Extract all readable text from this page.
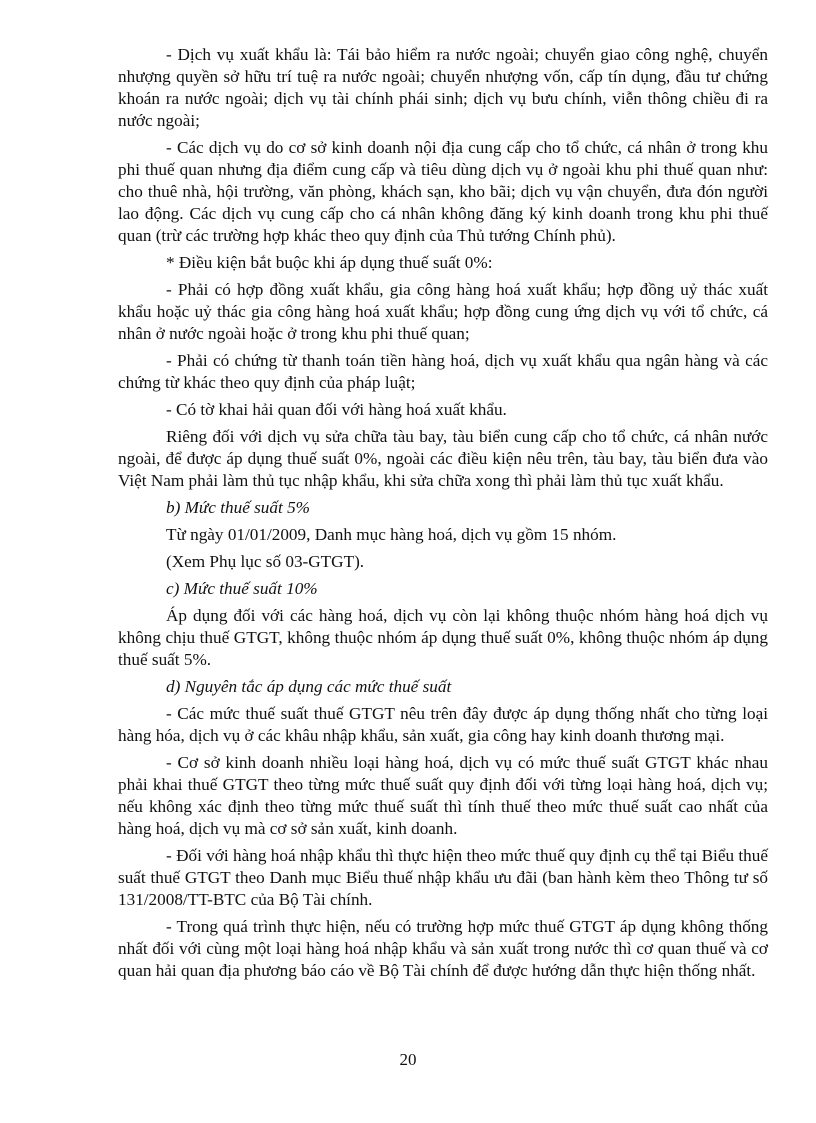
- Dịch vụ xuất khẩu là: Tái bảo hiểm ra nước ngoài; chuyển giao công nghệ, chuyển nhượng quyền sở hữu trí tuệ ra nước ngoài; chuyển nhượng vốn, cấp tín dụng, đầu tư chứng khoán ra nước ngoài; dịch vụ tài chính phái sinh; dịch vụ bưu chính, viễn thông chiều đi ra nước ngoài;

- Các dịch vụ do cơ sở kinh doanh nội địa cung cấp cho tổ chức, cá nhân ở trong khu phi thuế quan nhưng địa điểm cung cấp và tiêu dùng dịch vụ ở ngoài khu phi thuế quan như: cho thuê nhà, hội trường, văn phòng, khách sạn, kho bãi; dịch vụ vận chuyển, đưa đón người lao động. Các dịch vụ cung cấp cho cá nhân không đăng ký kinh doanh trong khu phi thuế quan (trừ các trường hợp khác theo quy định của Thủ tướng Chính phủ).

* Điều kiện bắt buộc khi áp dụng thuế suất 0%:

- Phải có hợp đồng xuất khẩu, gia công hàng hoá xuất khẩu; hợp đồng uỷ thác xuất khẩu hoặc uỷ thác gia công hàng hoá xuất khẩu; hợp đồng cung ứng dịch vụ với tổ chức, cá nhân ở nước ngoài hoặc ở trong khu phi thuế quan;

- Phải có chứng từ thanh toán tiền hàng hoá, dịch vụ xuất khẩu qua ngân hàng và các chứng từ khác theo quy định của pháp luật;

- Có tờ khai hải quan đối với hàng hoá xuất khẩu.

Riêng đối với dịch vụ sửa chữa tàu bay, tàu biển cung cấp cho tổ chức, cá nhân nước ngoài, để được áp dụng thuế suất 0%, ngoài các điều kiện nêu trên, tàu bay, tàu biển đưa vào Việt Nam phải làm thủ tục nhập khẩu, khi sửa chữa xong thì phải làm thủ tục xuất khẩu.

b) Mức thuế suất 5%

Từ ngày 01/01/2009, Danh mục hàng hoá, dịch vụ gồm 15 nhóm.

(Xem Phụ lục số 03-GTGT).

c) Mức thuế suất 10%

Áp dụng đối với các hàng hoá, dịch vụ còn lại không thuộc nhóm hàng hoá dịch vụ không chịu thuế GTGT, không thuộc nhóm áp dụng thuế suất 0%, không thuộc nhóm áp dụng thuế suất 5%.

d) Nguyên tắc áp dụng các mức thuế suất

- Các mức thuế suất thuế GTGT nêu trên đây được áp dụng thống nhất cho từng loại hàng hóa, dịch vụ ở các khâu nhập khẩu, sản xuất, gia công hay kinh doanh thương mại.

- Cơ sở kinh doanh nhiều loại hàng hoá, dịch vụ có mức thuế suất GTGT khác nhau phải khai thuế GTGT theo từng mức thuế suất quy định đối với từng loại hàng hoá, dịch vụ; nếu không xác định theo từng mức thuế suất thì tính thuế theo mức thuế suất cao nhất của hàng hoá, dịch vụ mà cơ sở sản xuất, kinh doanh.

- Đối với hàng hoá nhập khẩu thì thực hiện theo mức thuế quy định cụ thể tại Biểu thuế suất thuế GTGT theo Danh mục Biểu thuế nhập khẩu ưu đãi (ban hành kèm theo Thông tư số 131/2008/TT-BTC của Bộ Tài chính.

- Trong quá trình thực hiện, nếu có trường hợp mức thuế GTGT áp dụng không thống nhất đối với cùng một loại hàng hoá nhập khẩu và sản xuất trong nước thì cơ quan thuế và cơ quan hải quan địa phương báo cáo về Bộ Tài chính để được hướng dẫn thực hiện thống nhất.

20
